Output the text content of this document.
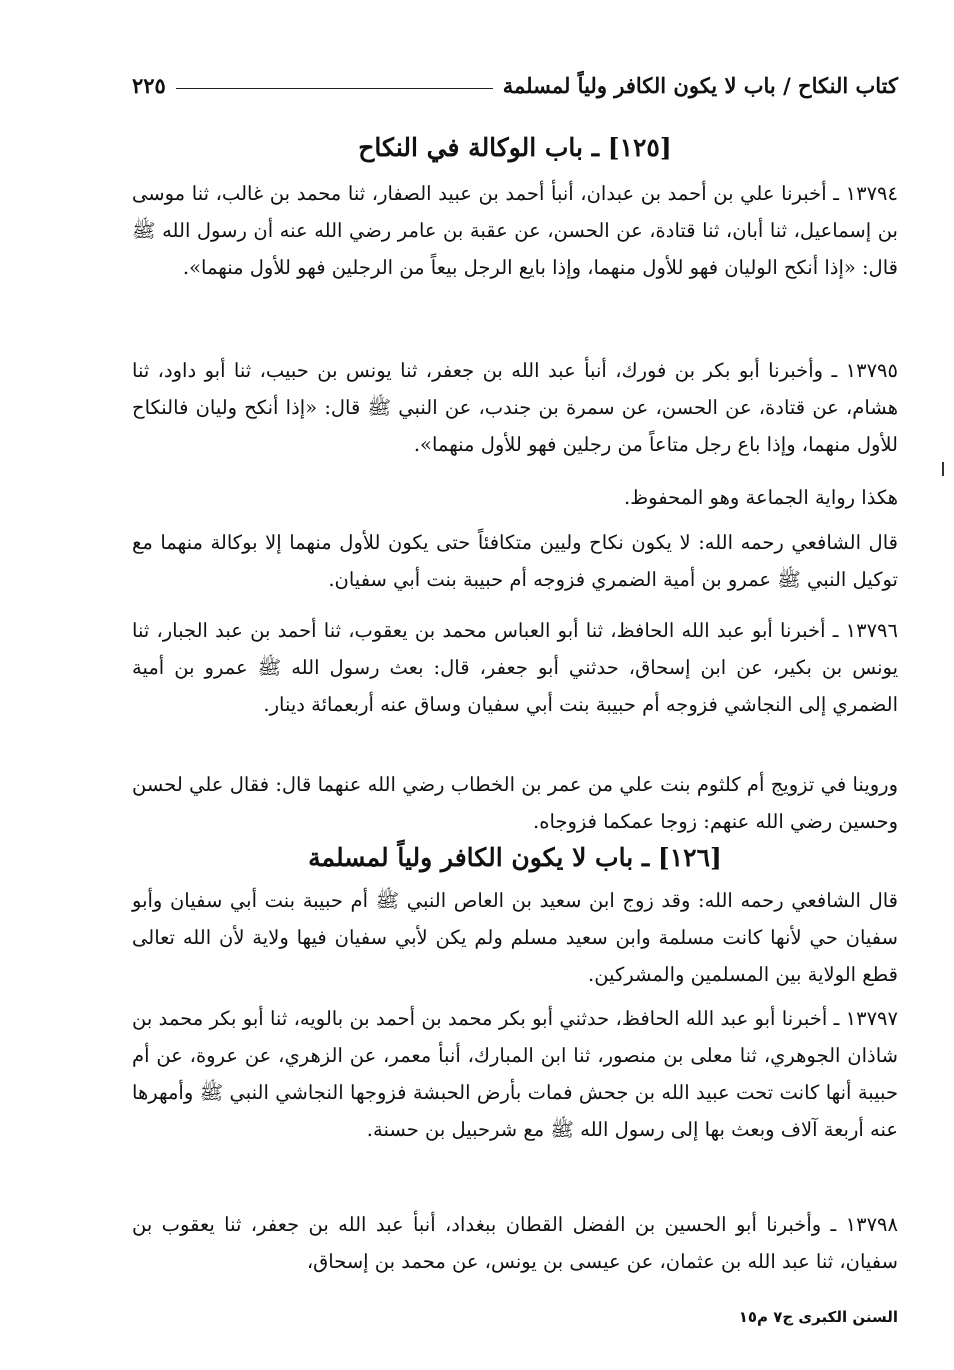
كتاب النكاح / باب لا يكون الكافر ولياً لمسلمة
٢٢٥
[١٢٥] ـ باب الوكالة في النكاح

١٣٧٩٤ ـ أخبرنا علي بن أحمد بن عبدان، أنبأ أحمد بن عبيد الصفار، ثنا محمد بن غالب، ثنا موسى بن إسماعيل، ثنا أبان، ثنا قتادة، عن الحسن، عن عقبة بن عامر رضي الله عنه أن رسول الله ﷺ قال: «إذا أنكح الوليان فهو للأول منهما، وإذا بايع الرجل بيعاً من الرجلين فهو للأول منهما».

١٣٧٩٥ ـ وأخبرنا أبو بكر بن فورك، أنبأ عبد الله بن جعفر، ثنا يونس بن حبيب، ثنا أبو داود، ثنا هشام، عن قتادة، عن الحسن، عن سمرة بن جندب، عن النبي ﷺ قال: «إذا أنكح وليان فالنكاح للأول منهما، وإذا باع رجل متاعاً من رجلين فهو للأول منهما».

هكذا رواية الجماعة وهو المحفوظ.

قال الشافعي رحمه الله: لا يكون نكاح وليين متكافئاً حتى يكون للأول منهما إلا بوكالة منهما مع توكيل النبي ﷺ عمرو بن أمية الضمري فزوجه أم حبيبة بنت أبي سفيان.

١٣٧٩٦ ـ أخبرنا أبو عبد الله الحافظ، ثنا أبو العباس محمد بن يعقوب، ثنا أحمد بن عبد الجبار، ثنا يونس بن بكير، عن ابن إسحاق، حدثني أبو جعفر، قال: بعث رسول الله ﷺ عمرو بن أمية الضمري إلى النجاشي فزوجه أم حبيبة بنت أبي سفيان وساق عنه أربعمائة دينار.

وروينا في تزويج أم كلثوم بنت علي من عمر بن الخطاب رضي الله عنهما قال: فقال علي لحسن وحسين رضي الله عنهم: زوجا عمكما فزوجاه.

[١٢٦] ـ باب لا يكون الكافر ولياً لمسلمة

قال الشافعي رحمه الله: وقد زوج ابن سعيد بن العاص النبي ﷺ أم حبيبة بنت أبي سفيان وأبو سفيان حي لأنها كانت مسلمة وابن سعيد مسلم ولم يكن لأبي سفيان فيها ولاية لأن الله تعالى قطع الولاية بين المسلمين والمشركين.

١٣٧٩٧ ـ أخبرنا أبو عبد الله الحافظ، حدثني أبو بكر محمد بن أحمد بن بالويه، ثنا أبو بكر محمد بن شاذان الجوهري، ثنا معلى بن منصور، ثنا ابن المبارك، أنبأ معمر، عن الزهري، عن عروة، عن أم حبيبة أنها كانت تحت عبيد الله بن جحش فمات بأرض الحبشة فزوجها النجاشي النبي ﷺ وأمهرها عنه أربعة آلاف وبعث بها إلى رسول الله ﷺ مع شرحبيل بن حسنة.

١٣٧٩٨ ـ وأخبرنا أبو الحسين بن الفضل القطان ببغداد، أنبأ عبد الله بن جعفر، ثنا يعقوب بن سفيان، ثنا عبد الله بن عثمان، عن عيسى بن يونس، عن محمد بن إسحاق،

السنن الكبرى ج٧ م١٥
